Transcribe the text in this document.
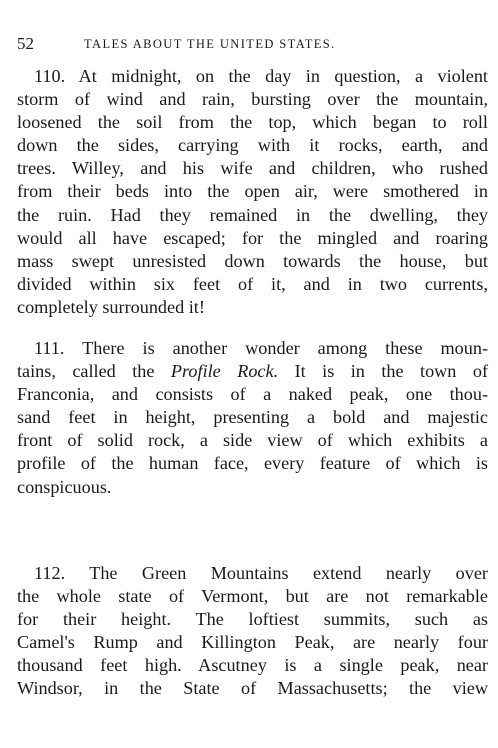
52	TALES ABOUT THE UNITED STATES.
110. At midnight, on the day in question, a violent
storm of wind and rain, bursting over the mountain,
loosened the soil from the top, which began to roll
down the sides, carrying with it rocks, earth, and
trees. Willey, and his wife and children, who rushed
from their beds into the open air, were smothered in
the ruin. Had they remained in the dwelling, they
would all have escaped; for the mingled and roaring
mass swept unresisted down towards the house, but
divided within six feet of it, and in two currents,
completely surrounded it!
111. There is another wonder among these moun-
tains, called the Profile Rock. It is in the town of
Franconia, and consists of a naked peak, one thou-
sand feet in height, presenting a bold and majestic
front of solid rock, a side view of which exhibits a
profile of the human face, every feature of which is
conspicuous.
112. The Green Mountains extend nearly over
the whole state of Vermont, but are not remarkable
for their height. The loftiest summits, such as
Camel's Rump and Killington Peak, are nearly four
thousand feet high. Ascutney is a single peak, near
Windsor, in the State of Massachusetts; the view
